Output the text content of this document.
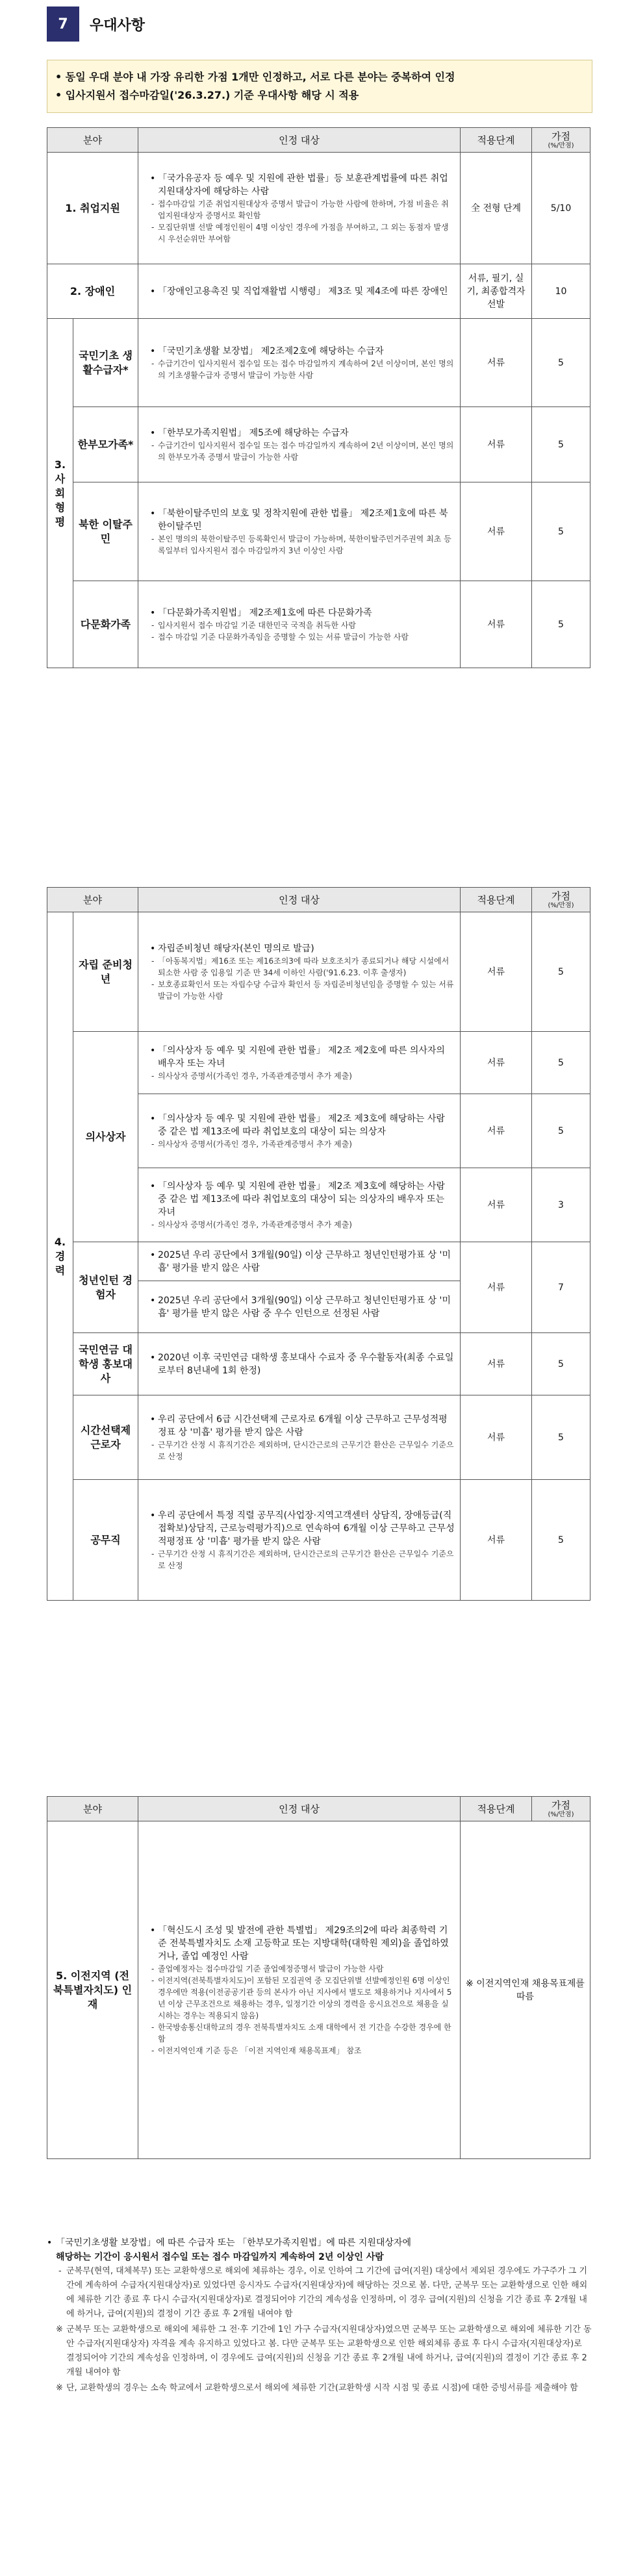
7	우대사항
• 동일 우대 분야 내 가장 유리한 가점 1개만 인정하고, 서로 다른 분야는 중복하여 인정
• 입사지원서 접수마감일('26.3.27.) 기준 우대사항 해당 시 적용
분야		인정 대상	적용단계	가점
(%/만점)

1. 취업지원		• 「국가유공자 등 예우 및 지원에 관한 법률」등 보훈관계법률에 따른 취업지원대상자에 해당하는 사람
- 접수마감일 기준 취업지원대상자 증명서 발급이 가능한 사람에 한하며, 가점 비율은 취업지원대상자 증명서로 확인함
- 모집단위별 선발 예정인원이 4명 이상인 경우에 가점을 부여하고, 그 외는 동점자 발생 시 우선순위만 부여함	全 전형 단계	5/10
2. 장애인		• 「장애인고용촉진 및 직업재활법 시행령」 제3조 및 제4조에 따른 장애인	서류, 필기, 실기, 최종합격자 선발	10
3. 사회형평	국민기초 생활수급자*	• 「국민기초생활 보장법」 제2조제2호에 해당하는 수급자
- 수급기간이 입사지원서 접수일 또는 접수 마감일까지 계속하여 2년 이상이며, 본인 명의의 기초생활수급자 증명서 발급이 가능한 사람	서류	5
	한부모가족*	• 「한부모가족지원법」 제5조에 해당하는 수급자
- 수급기간이 입사지원서 접수일 또는 접수 마감일까지 계속하여 2년 이상이며, 본인 명의의 한부모가족 증명서 발급이 가능한 사람	서류	5
	북한 이탈주민	• 「북한이탈주민의 보호 및 정착지원에 관한 법률」 제2조제1호에 따른 북한이탈주민
- 본인 명의의 북한이탈주민 등록확인서 발급이 가능하며, 북한이탈주민거주권역 최초 등록일부터 입사지원서 접수 마감일까지 3년 이상인 사람	서류	5
	다문화가족	• 「다문화가족지원법」 제2조제1호에 따른 다문화가족
- 입사지원서 접수 마감일 기준 대한민국 국적을 취득한 사람
- 접수 마감일 기준 다문화가족임을 증명할 수 있는 서류 발급이 가능한 사람	서류	5
분야		인정 대상	적용단계	가점
(%/만점)

4. 경력	자립 준비청년	• 자립준비청년 해당자(본인 명의로 발급)
- 「아동복지법」제16조 또는 제16조의3에 따라 보호조치가 종료되거나 해당 시설에서 퇴소한 사람 중 입용일 기준 만 34세 이하인 사람('91.6.23. 이후 출생자)
- 보호종료확인서 또는 자립수당 수급자 확인서 등 자립준비청년임을 증명할 수 있는 서류 발급이 가능한 사람	서류	5
	의사상자	• 「의사상자 등 예우 및 지원에 관한 법률」 제2조 제2호에 따른 의사자의 배우자 또는 자녀
- 의사상자 증명서(가족인 경우, 가족관계증명서 추가 제출)	서류	5

		• 「의사상자 등 예우 및 지원에 관한 법률」 제2조 제3호에 해당하는 사람 중 같은 법 제13조에 따라 취업보호의 대상이 되는 의상자
- 의사상자 증명서(가족인 경우, 가족관계증명서 추가 제출)	서류	5

		• 「의사상자 등 예우 및 지원에 관한 법률」 제2조 제3호에 해당하는 사람 중 같은 법 제13조에 따라 취업보호의 대상이 되는 의상자의 배우자 또는 자녀
- 의사상자 증명서(가족인 경우, 가족관계증명서 추가 제출)	서류	3
	청년인턴 경험자	• 2025년 우리 공단에서 3개월(90일) 이상 근무하고 청년인턴평가표 상 '미흡' 평가를 받지 않은 사람	서류	7

		• 2025년 우리 공단에서 3개월(90일) 이상 근무하고 청년인턴평가표 상 '미흡' 평가를 받지 않은 사람 중 우수 인턴으로 선정된 사람

	국민연금 대학생 홍보대사	• 2020년 이후 국민연금 대학생 홍보대사 수료자 중 우수활동자(최종 수료일로부터 8년내에 1회 한정)	서류	5
	시간선택제 근로자	• 우리 공단에서 6급 시간선택제 근로자로 6개월 이상 근무하고 근무성적평정표 상 '미흡' 평가를 받지 않은 사람
- 근무기간 산정 시 휴직기간은 제외하며, 단시간근로의 근무기간 환산은 근무일수 기준으로 산정	서류	5
	공무직	• 우리 공단에서 특정 직렬 공무직(사업장·지역고객센터 상담직, 장애등급(직접확보)상담직, 근로능력평가직)으로 연속하여 6개월 이상 근무하고 근무성적평정표 상 '미흡' 평가를 받지 않은 사람
- 근무기간 산정 시 휴직기간은 제외하며, 단시간근로의 근무기간 환산은 근무일수 기준으로 산정	서류	5
분야	인정 대상	적용단계	가점
(%/만점)

5. 이전지역 (전북특별자치도) 인재	• 「혁신도시 조성 및 발전에 관한 특별법」 제29조의2에 따라 최종학력 기준 전북특별자치도 소재 고등학교 또는 지방대학(대학원 제외)을 졸업하였거나, 졸업 예정인 사람
- 졸업예정자는 접수마감일 기준 졸업예정증명서 발급이 가능한 사람
- 이전지역(전북특별자치도)이 포함된 모집권역 중 모집단위별 선발예정인원 6명 이상인 경우에만 적용(이전공공기관 등의 본사가 아닌 지사에서 별도로 채용하거나 지사에서 5년 이상 근무조건으로 채용하는 경우, 일정기간 이상의 경력을 응시요건으로 채용을 실시하는 경우는 적용되지 않음)
- 한국방송통신대학교의 경우 전북특별자치도 소재 대학에서 전 기간을 수강한 경우에 한함
- 이전지역인재 기준 등은 「이전 지역인재 채용목표제」 참조	※ 이전지역인재 채용목표제를 따름	
• 「국민기초생활 보장법」에 따른 수급자 또는 「한부모가족지원법」에 따른 지원대상자에
해당하는 기간이 응시원서 접수일 또는 접수 마감일까지 계속하여 2년 이상인 사람
- 군복무(현역, 대체복무) 또는 교환학생으로 해외에 체류하는 경우, 이로 인하여 그 기간에 급여(지원) 대상에서 제외된 경우에도 가구주가 그 기간에 계속하여 수급자(지원대상자)로 있었다면 응시자도 수급자(지원대상자)에 해당하는 것으로 봄. 다만, 군복무 또는 교환학생으로 인한 해외에 체류한 기간 종료 후 다시 수급자(지원대상자)로 결정되어야 기간의 계속성을 인정하며, 이 경우 급여(지원)의 신청을 기간 종료 후 2개월 내에 하거나, 급여(지원)의 결정이 기간 종료 후 2개월 내여야 함
※ 군복무 또는 교환학생으로 해외에 체류한 그 전·후 기간에 1인 가구 수급자(지원대상자)였으면 군복무 또는 교환학생으로 해외에 체류한 기간 동안 수급자(지원대상자) 자격을 계속 유지하고 있었다고 봄. 다만 군복무 또는 교환학생으로 인한 해외체류 종료 후 다시 수급자(지원대상자)로 결정되어야 기간의 계속성을 인정하며, 이 경우에도 급여(지원)의 신청을 기간 종료 후 2개월 내에 하거나, 급여(지원)의 결정이 기간 종료 후 2개월 내여야 함
※ 단, 교환학생의 경우는 소속 학교에서 교환학생으로서 해외에 체류한 기간(교환학생 시작 시점 및 종료 시점)에 대한 증빙서류를 제출해야 함
